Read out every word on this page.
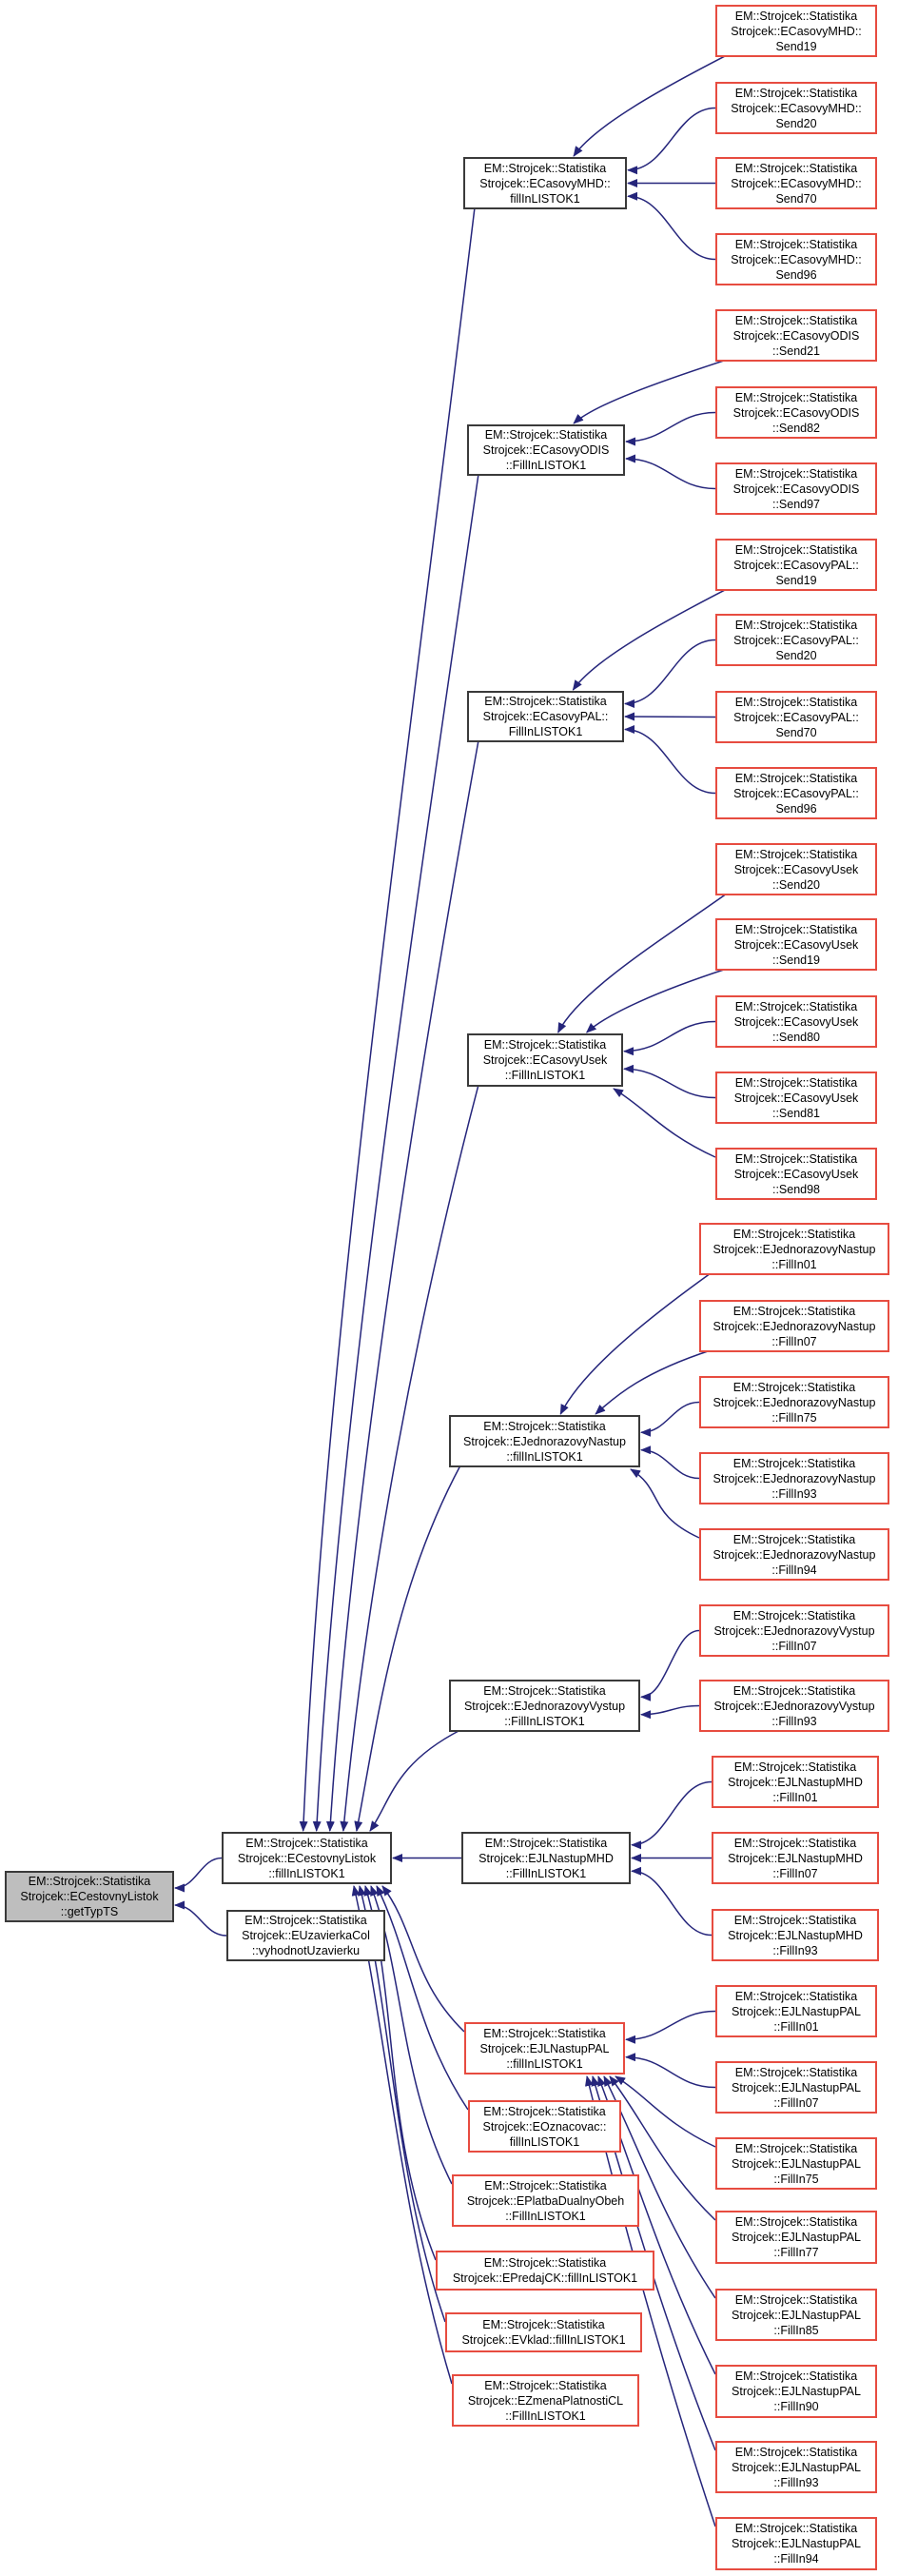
EM::Strojcek::Statistika
Strojcek::ECestovnyListok
::getTypTS
EM::Strojcek::Statistika
Strojcek::ECestovnyListok
::fillInLISTOK1
EM::Strojcek::Statistika
Strojcek::EUzavierkaCol
::vyhodnotUzavierku
EM::Strojcek::Statistika
Strojcek::ECasovyMHD::
fillInLISTOK1
EM::Strojcek::Statistika
Strojcek::ECasovyODIS
::FillInLISTOK1
EM::Strojcek::Statistika
Strojcek::ECasovyPAL::
FillInLISTOK1
EM::Strojcek::Statistika
Strojcek::ECasovyUsek
::FillInLISTOK1
EM::Strojcek::Statistika
Strojcek::EJednorazovyNastup
::fillInLISTOK1
EM::Strojcek::Statistika
Strojcek::EJednorazovyVystup
::FillInLISTOK1
EM::Strojcek::Statistika
Strojcek::EJLNastupMHD
::FillInLISTOK1
EM::Strojcek::Statistika
Strojcek::EJLNastupPAL
::fillInLISTOK1
EM::Strojcek::Statistika
Strojcek::EOznacovac::
fillInLISTOK1
EM::Strojcek::Statistika
Strojcek::EPlatbaDualnyObeh
::FillInLISTOK1
EM::Strojcek::Statistika
Strojcek::EPredajCK::fillInLISTOK1
EM::Strojcek::Statistika
Strojcek::EVklad::fillInLISTOK1
EM::Strojcek::Statistika
Strojcek::EZmenaPlatnostiCL
::FillInLISTOK1
EM::Strojcek::Statistika
Strojcek::ECasovyMHD::
Send19
EM::Strojcek::Statistika
Strojcek::ECasovyMHD::
Send20
EM::Strojcek::Statistika
Strojcek::ECasovyMHD::
Send70
EM::Strojcek::Statistika
Strojcek::ECasovyMHD::
Send96
EM::Strojcek::Statistika
Strojcek::ECasovyODIS
::Send21
EM::Strojcek::Statistika
Strojcek::ECasovyODIS
::Send82
EM::Strojcek::Statistika
Strojcek::ECasovyODIS
::Send97
EM::Strojcek::Statistika
Strojcek::ECasovyPAL::
Send19
EM::Strojcek::Statistika
Strojcek::ECasovyPAL::
Send20
EM::Strojcek::Statistika
Strojcek::ECasovyPAL::
Send70
EM::Strojcek::Statistika
Strojcek::ECasovyPAL::
Send96
EM::Strojcek::Statistika
Strojcek::ECasovyUsek
::Send20
EM::Strojcek::Statistika
Strojcek::ECasovyUsek
::Send19
EM::Strojcek::Statistika
Strojcek::ECasovyUsek
::Send80
EM::Strojcek::Statistika
Strojcek::ECasovyUsek
::Send81
EM::Strojcek::Statistika
Strojcek::ECasovyUsek
::Send98
EM::Strojcek::Statistika
Strojcek::EJednorazovyNastup
::FillIn01
EM::Strojcek::Statistika
Strojcek::EJednorazovyNastup
::FillIn07
EM::Strojcek::Statistika
Strojcek::EJednorazovyNastup
::FillIn75
EM::Strojcek::Statistika
Strojcek::EJednorazovyNastup
::FillIn93
EM::Strojcek::Statistika
Strojcek::EJednorazovyNastup
::FillIn94
EM::Strojcek::Statistika
Strojcek::EJednorazovyVystup
::FillIn07
EM::Strojcek::Statistika
Strojcek::EJednorazovyVystup
::FillIn93
EM::Strojcek::Statistika
Strojcek::EJLNastupMHD
::FillIn01
EM::Strojcek::Statistika
Strojcek::EJLNastupMHD
::FillIn07
EM::Strojcek::Statistika
Strojcek::EJLNastupMHD
::FillIn93
EM::Strojcek::Statistika
Strojcek::EJLNastupPAL
::FillIn01
EM::Strojcek::Statistika
Strojcek::EJLNastupPAL
::FillIn07
EM::Strojcek::Statistika
Strojcek::EJLNastupPAL
::FillIn75
EM::Strojcek::Statistika
Strojcek::EJLNastupPAL
::FillIn77
EM::Strojcek::Statistika
Strojcek::EJLNastupPAL
::FillIn85
EM::Strojcek::Statistika
Strojcek::EJLNastupPAL
::FillIn90
EM::Strojcek::Statistika
Strojcek::EJLNastupPAL
::FillIn93
EM::Strojcek::Statistika
Strojcek::EJLNastupPAL
::FillIn94
